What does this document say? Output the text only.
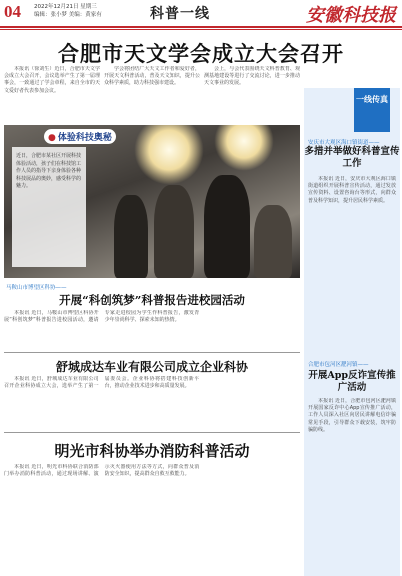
04 2022年12月21日 星期三
编辑：张小梦 美编：黄家有	科普一线	安徽科技报
合肥市天文学会成立大会召开

本报讯（徐刘生）近日，合肥市天文学会成立大会召开，会议选举产生了第一届理事会，一致通过了学会章程，来自全市的天文爱好者代表参加会议。

学会将团结广大天文工作者和爱好者，开展天文科普活动，普及天文知识，提升公众科学素质，助力科技强市建设。

会上，与会代表围绕天文科普教育、观测基地建设等进行了交流讨论，进一步推动天文事业的发展。

● 体验科技奥秘
近日，合肥市某社区开展科技体验活动，孩子们在科技馆工作人员的指导下亲身体验各种科技展品的奥妙，感受科学的魅力。
一线传真
安庆市大观区海口镇街道——
多措并举做好科普宣传工作

本报讯 近日，安庆市大观区海口镇街道组织开展科普宣传活动，通过发放宣传资料、设置咨询台等形式，向群众普及科学知识，提升居民科学素质。

合肥市包河区淝河镇——
开展App反诈宣传推广活动

本报讯 近日，合肥市包河区淝河镇开展国家反诈中心App宣传推广活动，工作人员深入社区向居民讲解电信诈骗常见手段，引导群众下载安装，筑牢防骗防线。

马鞍山市博望区科协——
开展“科创筑梦”科普报告进校园活动

本报讯 近日，马鞍山市博望区科协开展“科创筑梦”科普报告进校园活动，邀请专家走进校园为学生作科普报告，激发青少年崇尚科学、探索未知的热情。

舒城成达车业有限公司成立企业科协

本报讯 近日，舒城成达车业有限公司召开企业科协成立大会，选举产生了第一届委员会。企业科协将搭建科技创新平台，推动企业技术进步和高质量发展。

明光市科协举办消防科普活动

本报讯 近日，明光市科协联合消防部门举办消防科普活动，通过现场讲解、演示灭火器使用方法等方式，向群众普及消防安全知识，提高群众自救互救能力。
